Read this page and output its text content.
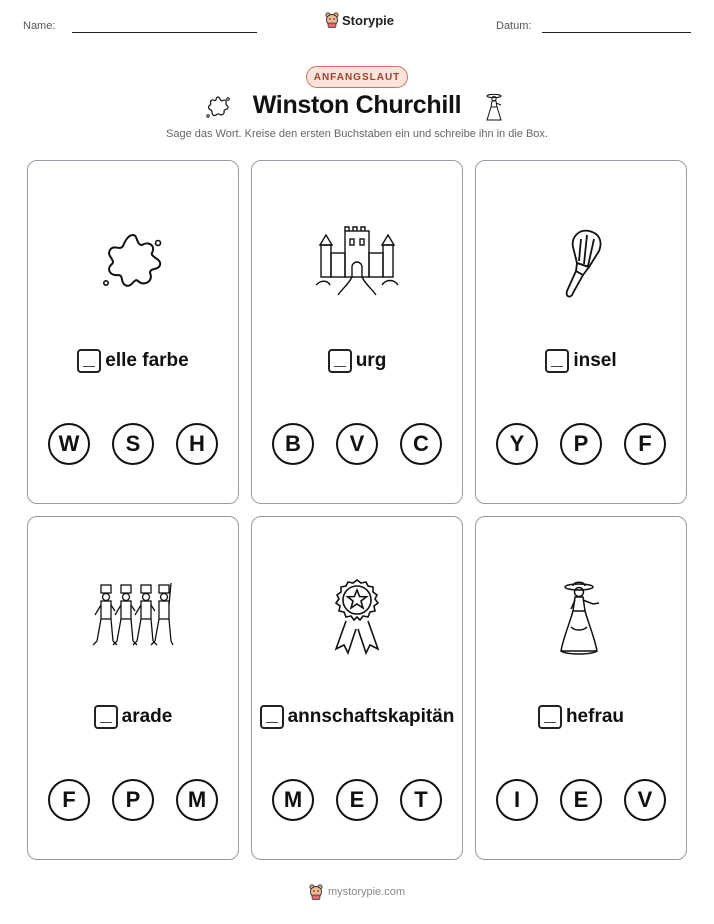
Name:	Storypie	Datum:
ANFANGSLAUT
Winston Churchill
Sage das Wort. Kreise den ersten Buchstaben ein und schreibe ihn in die Box.
elle farbe
W	S	H
urg
B	V	C
insel
Y	P	F
arade
F	P	M
annschaftskapitän
M	E	T
hefrau
I	E	V
mystorypie.com
